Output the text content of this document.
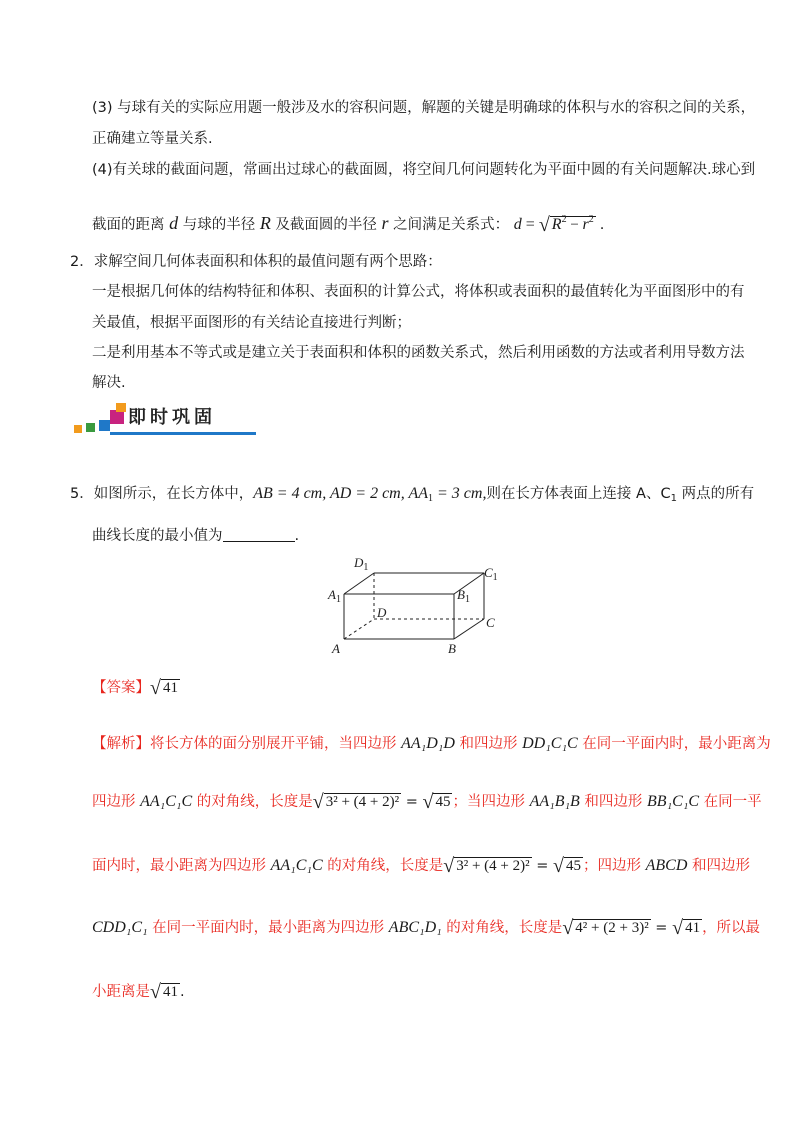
(3) 与球有关的实际应用题一般涉及水的容积问题，解题的关键是明确球的体积与水的容积之间的关系，
正确建立等量关系.
(4)有关球的截面问题，常画出过球心的截面圆，将空间几何问题转化为平面中圆的有关问题解决.球心到
截面的距离 d 与球的半径 R 及截面圆的半径 r 之间满足关系式： d = √ $R^2 - r^2$ .
2．求解空间几何体表面积和体积的最值问题有两个思路：
一是根据几何体的结构特征和体积、表面积的计算公式，将体积或表面积的最值转化为平面图形中的有
关最值，根据平面图形的有关结论直接进行判断；
二是利用基本不等式或是建立关于表面积和体积的函数关系式，然后利用函数的方法或者利用导数方法
解决.
即时巩固
5．如图所示，在长方体中，AB = 4 cm, AD = 2 cm, $AA_1 = 3$ cm,则在长方体表面上连接 A、$C_1$ 两点的所有
曲线长度的最小值为	.
$D_1$	$C_1$
$A_1$	$B_1$
D
C
A	B
【答案】√ 41
【解析】将长方体的面分别展开平铺，当四边形 AA₁D₁D 和四边形 DD₁C₁C 在同一平面内时，最小距离为
四边形 AA₁C₁C 的对角线，长度是√ 3² + (4 + 2)² = √ 45 ；当四边形 AA₁B₁B 和四边形 BB₁C₁C 在同一平
面内时，最小距离为四边形 AA₁C₁C 的对角线，长度是√ 3² + (4 + 2)² = √ 45 ；四边形 ABCD 和四边形
CDD₁C₁ 在同一平面内时，最小距离为四边形 ABC₁D₁ 的对角线，长度是√ 4² + (2 + 3)² = √ 41 ，所以最
小距离是√ 41 .
